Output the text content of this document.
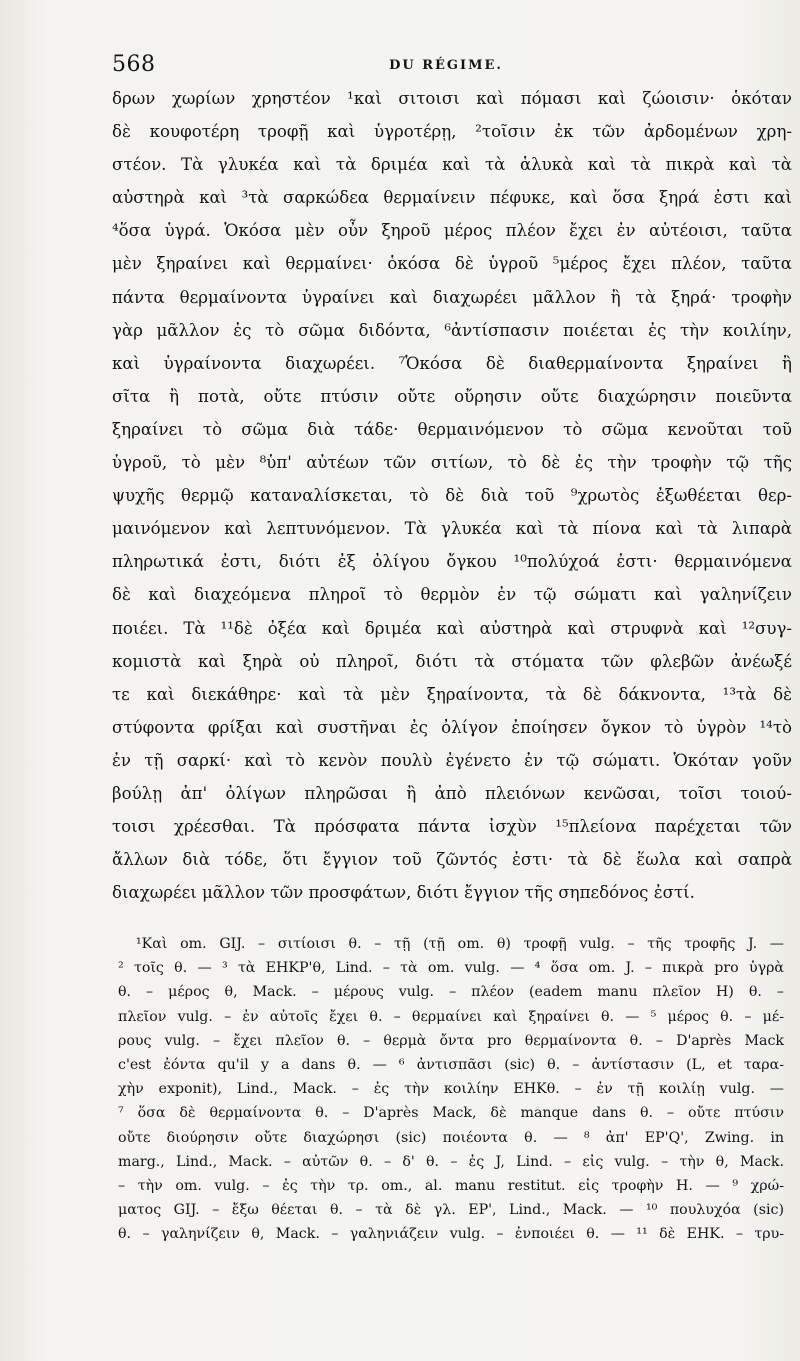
568	DU RÉGIME.
δρων χωρίων χρηστέον ¹καὶ σιτοισι καὶ πόμασι καὶ ζώοισιν· ὁκόταν
δὲ κουφοτέρη τροφῇ καὶ ὑγροτέρῃ, ²τοῖσιν ἐκ τῶν ἀρδομένων χρη-
στέον. Τὰ γλυκέα καὶ τὰ δριμέα καὶ τὰ ἁλυκὰ καὶ τὰ πικρὰ καὶ τὰ
αὐστηρὰ καὶ ³τὰ σαρκώδεα θερμαίνειν πέφυκε, καὶ ὅσα ξηρά ἐστι καὶ
⁴ὅσα ὑγρά. Ὁκόσα μὲν οὖν ξηροῦ μέρος πλέον ἔχει ἐν αὐτέοισι, ταῦτα
μὲν ξηραίνει καὶ θερμαίνει· ὁκόσα δὲ ὑγροῦ ⁵μέρος ἔχει πλέον, ταῦτα
πάντα θερμαίνοντα ὑγραίνει καὶ διαχωρέει μᾶλλον ἢ τὰ ξηρά· τροφὴν
γὰρ μᾶλλον ἐς τὸ σῶμα διδόντα, ⁶ἀντίσπασιν ποιέεται ἐς τὴν κοιλίην,
καὶ ὑγραίνοντα διαχωρέει. ⁷Ὁκόσα δὲ διαθερμαίνοντα ξηραίνει ἢ
σῖτα ἢ ποτὰ, οὔτε πτύσιν οὔτε οὔρησιν οὔτε διαχώρησιν ποιεῦντα
ξηραίνει τὸ σῶμα διὰ τάδε· θερμαινόμενον τὸ σῶμα κενοῦται τοῦ
ὑγροῦ, τὸ μὲν ⁸ὑπ' αὐτέων τῶν σιτίων, τὸ δὲ ἐς τὴν τροφὴν τῷ τῆς
ψυχῆς θερμῷ καταναλίσκεται, τὸ δὲ διὰ τοῦ ⁹χρωτὸς ἐξωθέεται θερ-
μαινόμενον καὶ λεπτυνόμενον. Τὰ γλυκέα καὶ τὰ πίονα καὶ τὰ λιπαρὰ
πληρωτικά ἐστι, διότι ἐξ ὀλίγου ὄγκου ¹⁰πολύχοά ἐστι· θερμαινόμενα
δὲ καὶ διαχεόμενα πληροῖ τὸ θερμὸν ἐν τῷ σώματι καὶ γαληνίζειν
ποιέει. Τὰ ¹¹δὲ ὀξέα καὶ δριμέα καὶ αὐστηρὰ καὶ στρυφνὰ καὶ ¹²συγ-
κομιστὰ καὶ ξηρὰ οὐ πληροῖ, διότι τὰ στόματα τῶν φλεβῶν ἀνέωξέ
τε καὶ διεκάθηρε· καὶ τὰ μὲν ξηραίνοντα, τὰ δὲ δάκνοντα, ¹³τὰ δὲ
στύφοντα φρίξαι καὶ συστῆναι ἐς ὀλίγον ἐποίησεν ὄγκον τὸ ὑγρὸν ¹⁴τὸ
ἐν τῇ σαρκί· καὶ τὸ κενὸν πουλὺ ἐγένετο ἐν τῷ σώματι. Ὁκόταν γοῦν
βούλῃ ἀπ' ὀλίγων πληρῶσαι ἢ ἀπὸ πλειόνων κενῶσαι, τοῖσι τοιού-
τοισι χρέεσθαι. Τὰ πρόσφατα πάντα ἰσχὺν ¹⁵πλείονα παρέχεται τῶν
ἄλλων διὰ τόδε, ὅτι ἔγγιον τοῦ ζῶντός ἐστι· τὰ δὲ ἕωλα καὶ σαπρὰ
διαχωρέει μᾶλλον τῶν προσφάτων, διότι ἔγγιον τῆς σηπεδόνος ἐστί.
¹Καὶ om. GIJ. – σιτίοισι θ. – τῇ (τῇ om. θ) τροφῇ vulg. – τῆς τροφῆς J. —
² τοῖς θ. — ³ τὰ EHKP'θ, Lind. – τὰ om. vulg. — ⁴ ὅσα om. J. – πικρὰ pro ὑγρὰ
θ. – μέρος θ, Mack. – μέρους vulg. – πλέον (eadem manu πλεῖον H) θ. –
πλεῖον vulg. – ἐν αὐτοῖς ἔχει θ. – θερμαίνει καὶ ξηραίνει θ. — ⁵ μέρος θ. – μέ-
ρους vulg. – ἔχει πλεῖον θ. – θερμὰ ὄντα pro θερμαίνοντα θ. – D'après Mack
c'est ἐόντα qu'il y a dans θ. — ⁶ ἀντισπᾶσι (sic) θ. – ἀντίστασιν (L, et ταρα-
χὴν exponit), Lind., Mack. – ἐς τὴν κοιλίην EHKθ. – ἐν τῇ κοιλίῃ vulg. —
⁷ ὅσα δὲ θερμαίνοντα θ. – D'après Mack, δὲ manque dans θ. – οὔτε πτύσιν
οὔτε διούρησιν οὔτε διαχώρησι (sic) ποιέοντα θ. — ⁸ ἀπ' EP'Q', Zwing. in
marg., Lind., Mack. – αὐτῶν θ. – δ' θ. – ἐς J, Lind. – εἰς vulg. – τὴν θ, Mack.
– τὴν om. vulg. – ἐς τὴν τρ. om., al. manu restitut. εἰς τροφὴν H. — ⁹ χρώ-
ματος GIJ. – ἔξω θέεται θ. – τὰ δὲ γλ. EP', Lind., Mack. — ¹⁰ πουλυχόα (sic)
θ. – γαληνίζειν θ, Mack. – γαληνιάζειν vulg. – ἐνποιέει θ. — ¹¹ δὲ EHK. – τρυ-
